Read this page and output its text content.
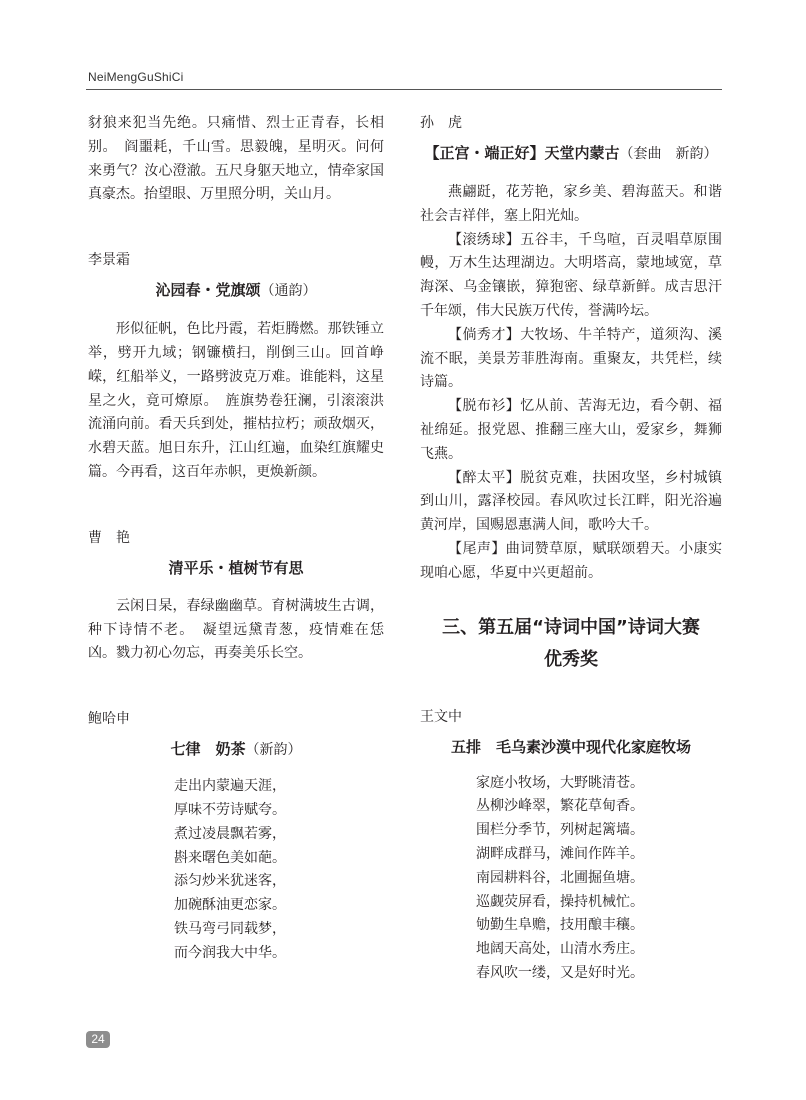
NeiMengGuShiCi

豺狼来犯当先绝。只痛惜、烈士正青春，长相别。　阎噩耗，千山雪。思毅魄，星明灭。问何来勇气？汝心澄澈。五尺身躯天地立，情牵家国真豪杰。抬望眼、万里照分明，关山月。

李景霜

沁园春・党旗颂（通韵）

形似征帆，色比丹霞，若炬腾燃。那铁锤立举，劈开九域；钢镰横扫，削倒三山。回首峥嵘，红船举义，一路劈波克万难。谁能料，这星星之火，竟可燎原。　旌旗势卷狂澜，引滚滚洪流涌向前。看天兵到处，摧枯拉朽；顽敌烟灭，水碧天蓝。旭日东升，江山红遍，血染红旗耀史篇。今再看，这百年赤帜，更焕新颜。

曹　艳

清平乐・植树节有思

云闲日杲，春绿幽幽草。育树满坡生古调，种下诗情不老。　凝望远黛青葱，疫情难在恁凶。戮力初心勿忘，再奏美乐长空。

鲍哈申

七律　奶茶（新韵）

走出内蒙遍天涯，
厚味不劳诗赋夸。
煮过凌晨飘若雾，
斟来曙色美如葩。
添匀炒米犹迷客，
加碗酥油更恋家。
铁马弯弓同载梦，
而今润我大中华。

孙　虎

【正宫・端正好】天堂内蒙古（套曲　新韵）

燕翩跹，花芳艳，家乡美、碧海蓝天。和谐社会吉祥伴，塞上阳光灿。

【滚绣球】五谷丰，千鸟喧，百灵唱草原围幔，万木生达理湖边。大明塔高，蒙地域宽，草海深、乌金镶嵌，獐狍密、绿草新鲜。成吉思汗千年颂，伟大民族万代传，誉满吟坛。

【倘秀才】大牧场、牛羊特产，道须沟、溪流不眠，美景芳菲胜海南。重聚友，共凭栏，续诗篇。

【脱布衫】忆从前、苦海无边，看今朝、福祉绵延。报党恩、推翻三座大山，爱家乡，舞狮飞燕。

【醉太平】脱贫克难，扶困攻坚，乡村城镇到山川，露泽校园。春风吹过长江畔，阳光浴遍黄河岸，国赐恩惠满人间，歌吟大千。

【尾声】曲词赞草原，赋联颂碧天。小康实现咱心愿，华夏中兴更超前。

三、第五届“诗词中国”诗词大赛

优秀奖

王文中

五排　毛乌素沙漠中现代化家庭牧场

家庭小牧场，大野眺清苍。
丛柳沙峰翠，繁花草甸香。
围栏分季节，列树起篱墙。
湖畔成群马，滩间作阵羊。
南园耕料谷，北圃掘鱼塘。
巡觑荧屏看，操持机械忙。
劬勤生阜赡，技用酿丰穰。
地阔天高处，山清水秀庄。
春风吹一缕，又是好时光。
24
